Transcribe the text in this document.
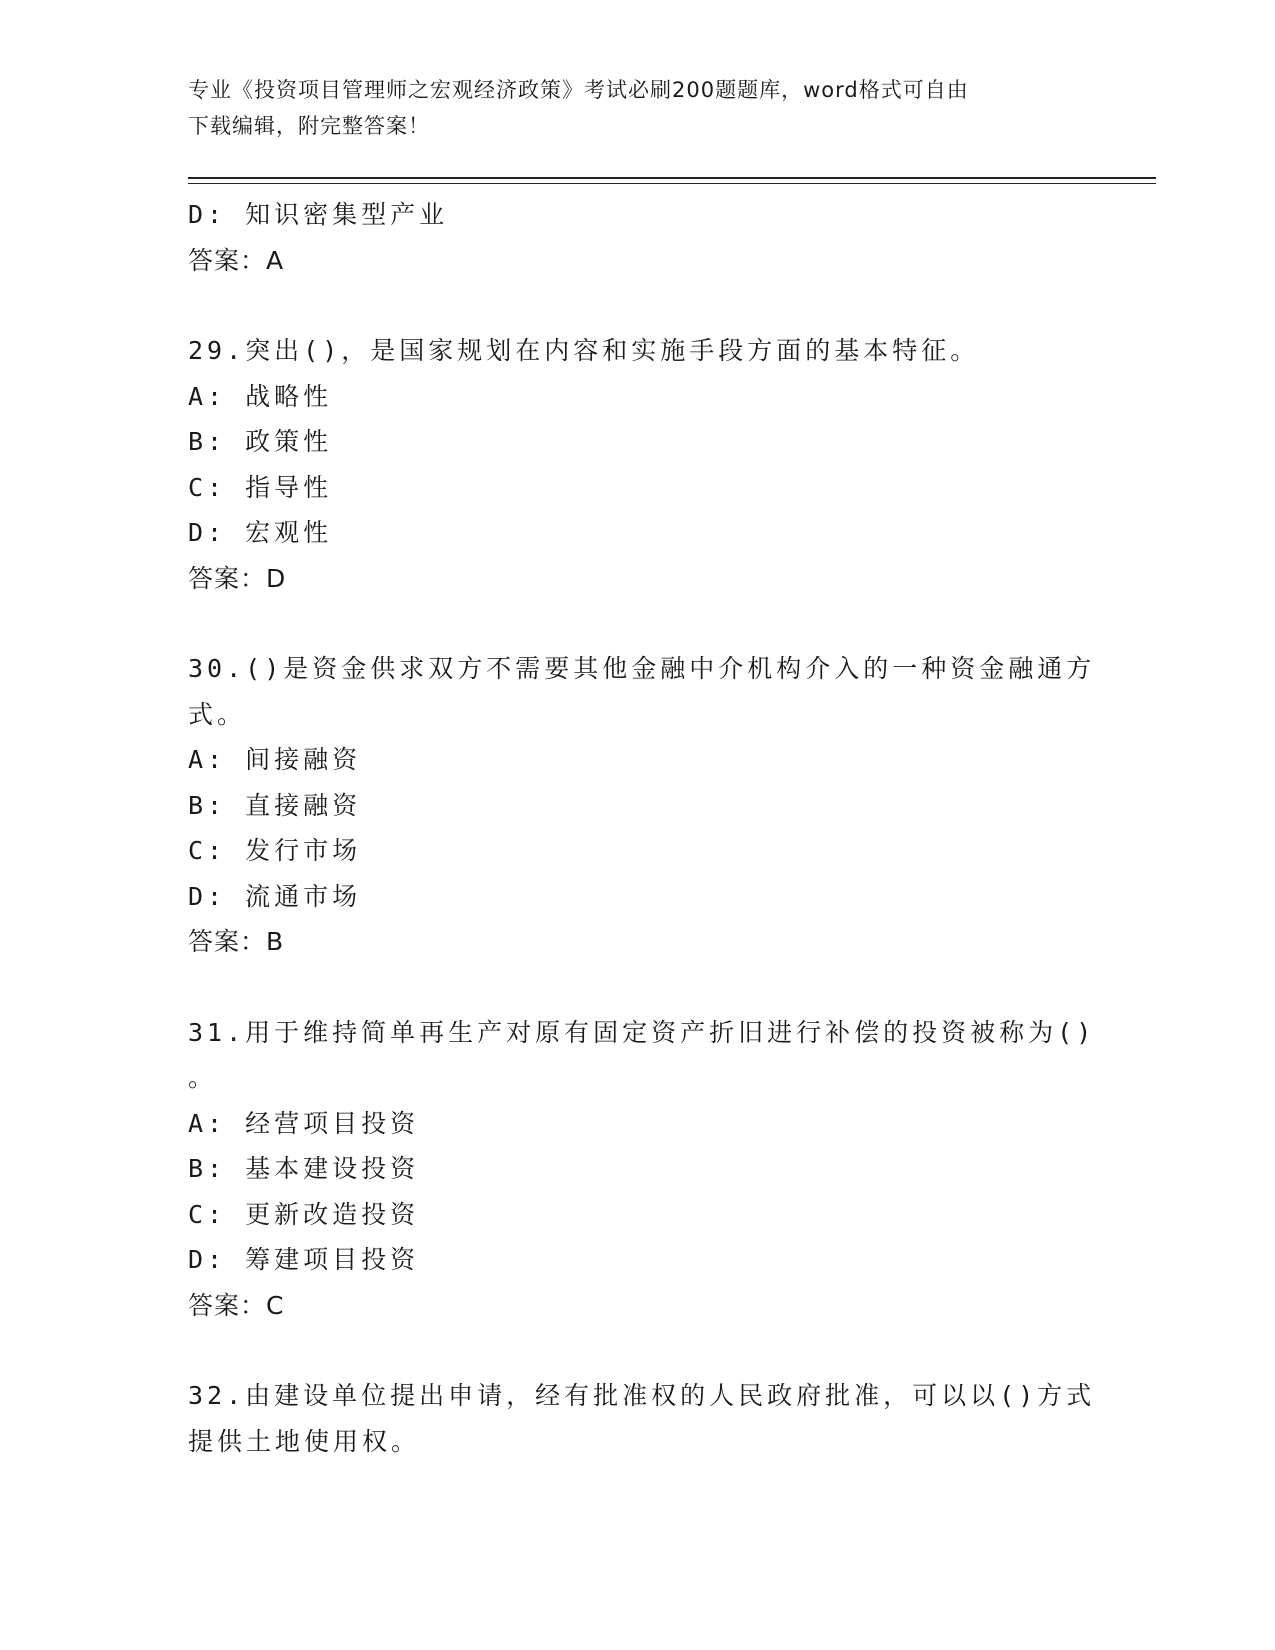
专业《投资项目管理师之宏观经济政策》考试必刷200题题库，word格式可自由
下载编辑，附完整答案！
D: 知识密集型产业
答案：A
29.突出()，是国家规划在内容和实施手段方面的基本特征。
A: 战略性
B: 政策性
C: 指导性
D: 宏观性
答案：D
30.()是资金供求双方不需要其他金融中介机构介入的一种资金融通方
式。
A: 间接融资
B: 直接融资
C: 发行市场
D: 流通市场
答案：B
31.用于维持简单再生产对原有固定资产折旧进行补偿的投资被称为()
。
A: 经营项目投资
B: 基本建设投资
C: 更新改造投资
D: 筹建项目投资
答案：C
32.由建设单位提出申请，经有批准权的人民政府批准，可以以()方式
提供土地使用权。
